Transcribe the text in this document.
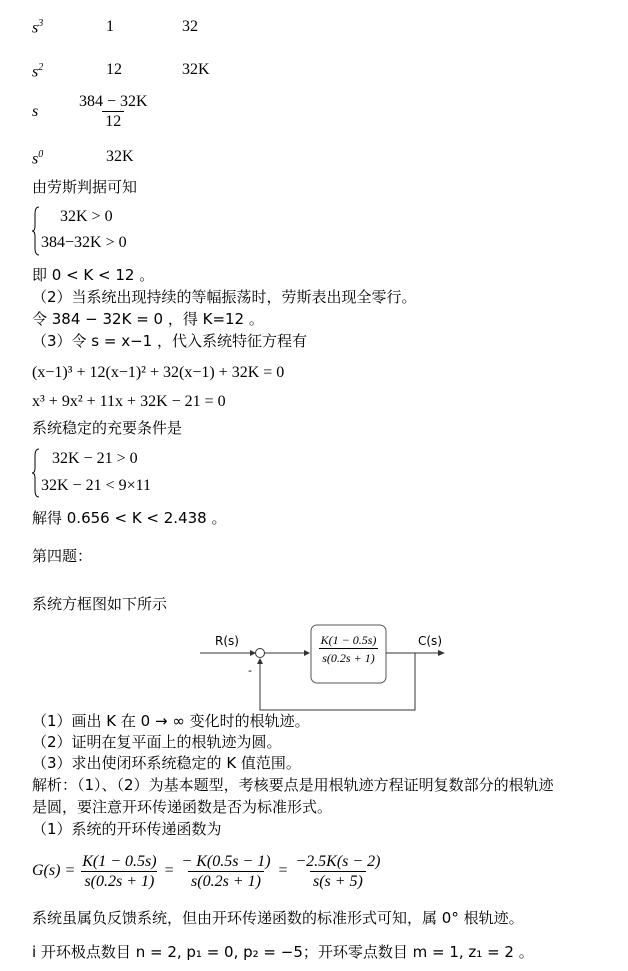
$s^3$	1	32
$s^2$	12	32K
s $\frac{384 - 32K}{12}$
$s^0$	32K
由劳斯判据可知
32K > 0
384−32K > 0
即 0 < K < 12 。
（2）当系统出现持续的等幅振荡时，劳斯表出现全零行。
令 384 − 32K = 0 ，得 K=12 。
（3）令 s = x−1 ，代入系统特征方程有
(x−1)³ + 12(x−1)² + 32(x−1) + 32K = 0
x³ + 9x² + 11x + 32K − 21 = 0
系统稳定的充要条件是
32K − 21 > 0
32K − 21 < 9×11
解得 0.656 < K < 2.438 。
第四题：
系统方框图如下所示
R(s)	C(s)
-
$\frac{K(1 - 0.5s)}{s(0.2s + 1)}$
（1）画出 K 在 0 → ∞ 变化时的根轨迹。
（2）证明在复平面上的根轨迹为圆。
（3）求出使闭环系统稳定的 K 值范围。
解析：（1）、（2）为基本题型，考核要点是用根轨迹方程证明复数部分的根轨迹
是圆，要注意开环传递函数是否为标准形式。
（1）系统的开环传递函数为
$G(s) = \frac{K(1 - 0.5s)}{s(0.2s + 1)} = \frac{- K(0.5s - 1)}{s(0.2s + 1)} = \frac{-2.5K(s - 2)}{s(s + 5)}$
系统虽属负反馈系统，但由开环传递函数的标准形式可知，属 0° 根轨迹。
ⅰ 开环极点数目 n = 2, p₁ = 0, p₂ = −5；开环零点数目 m = 1, z₁ = 2 。
